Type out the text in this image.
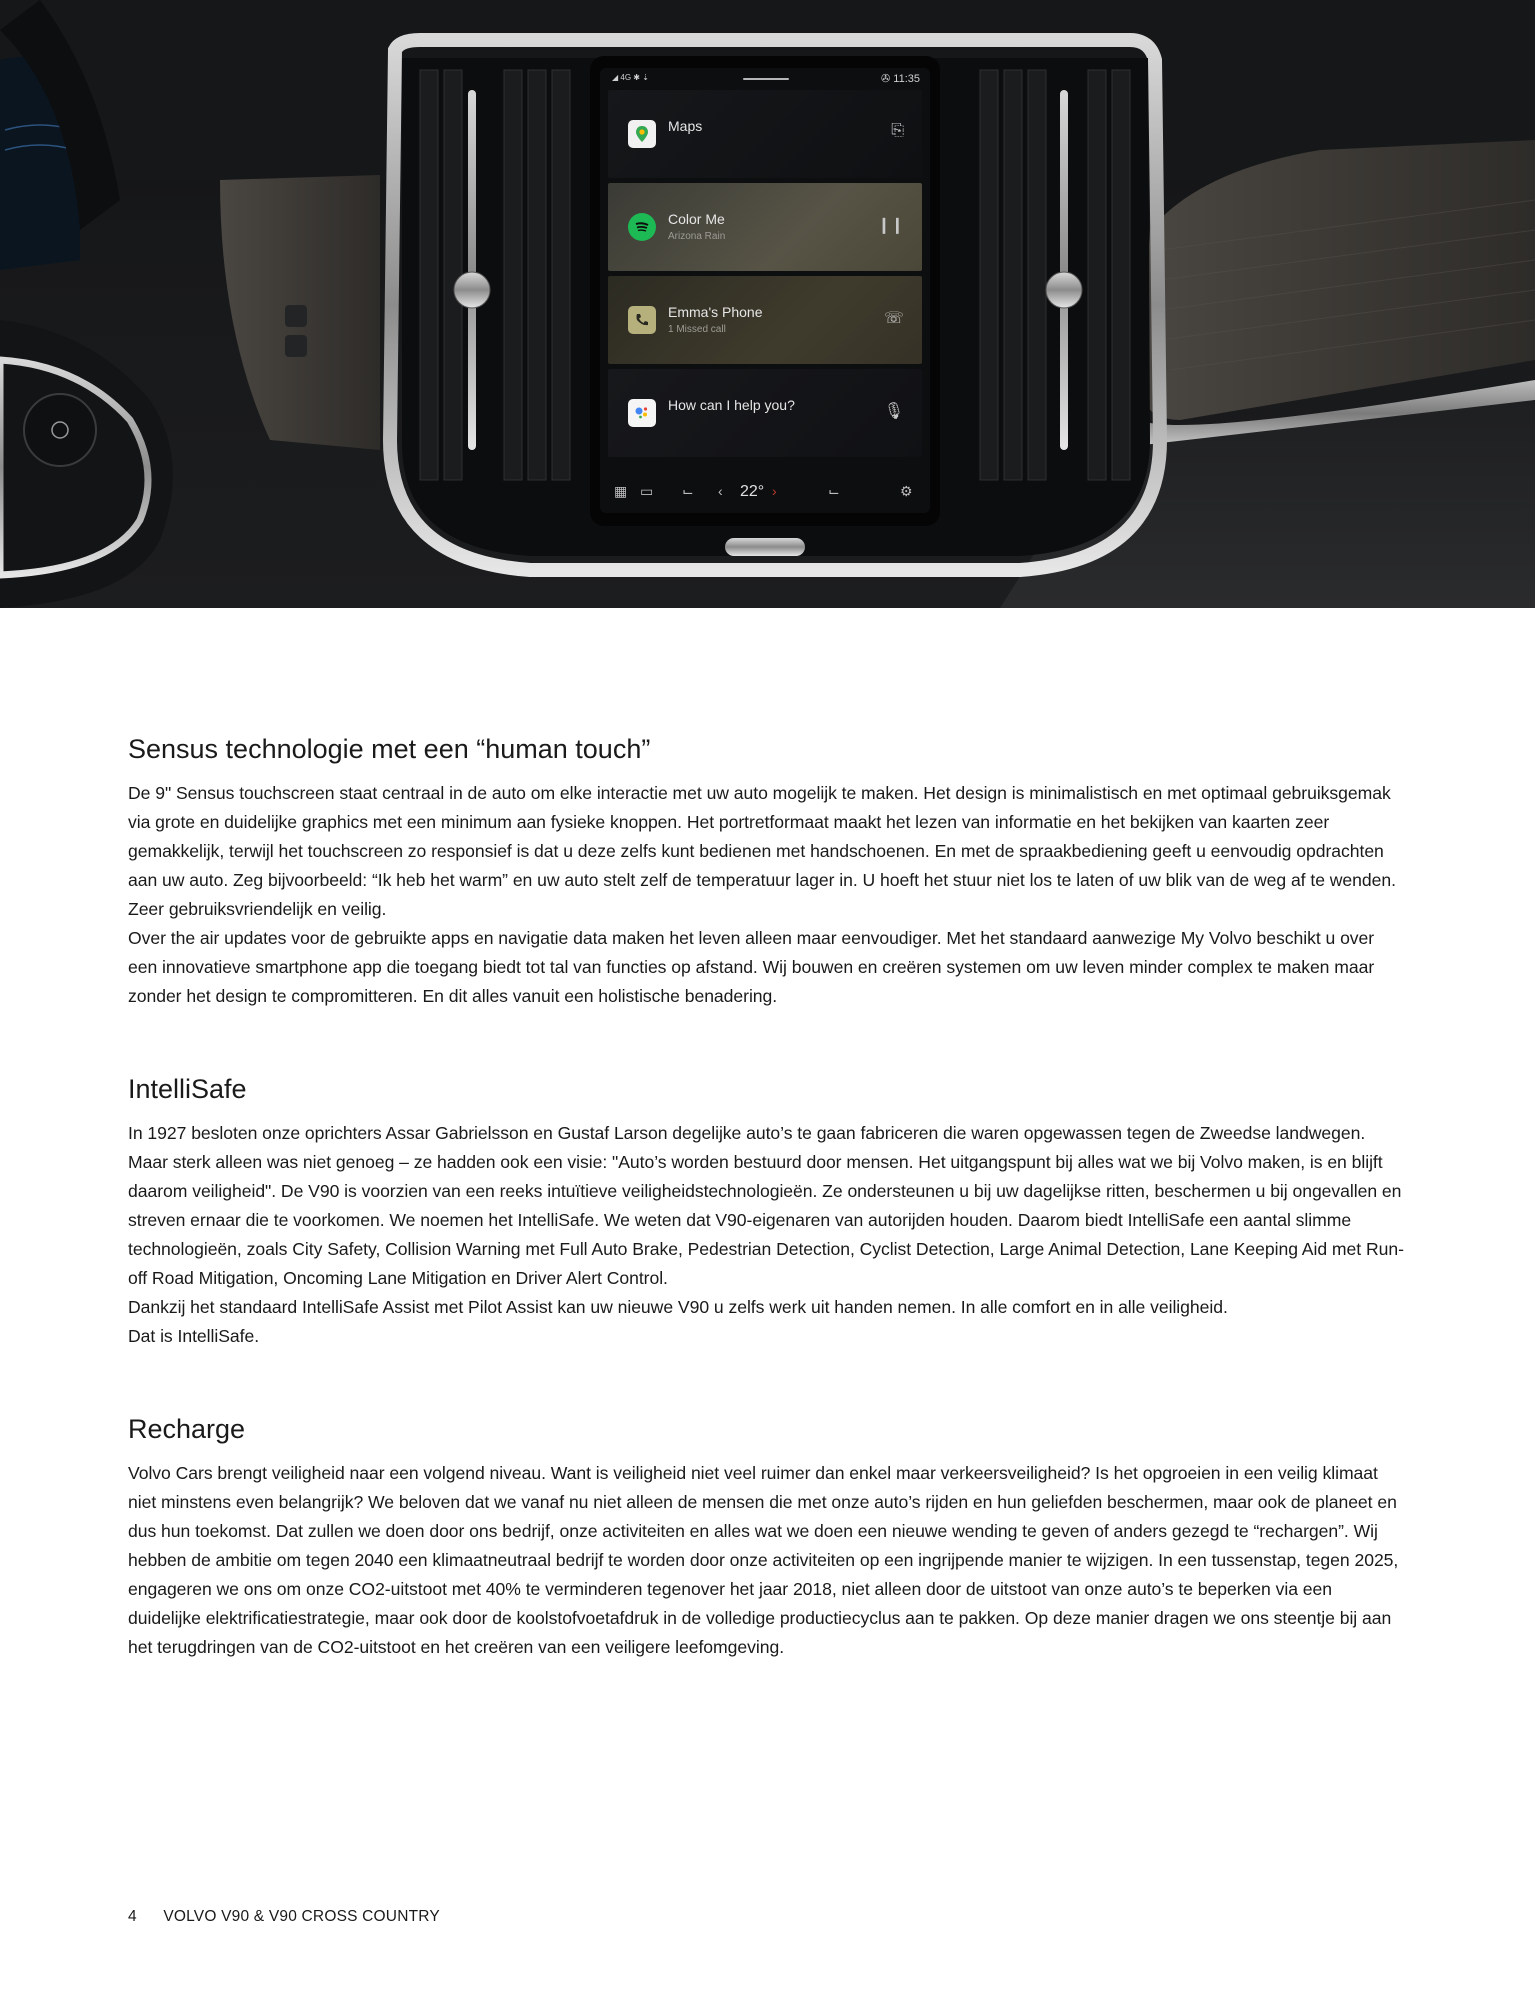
◢ 4G ✱ ⇣	✇ 11:35
Maps	⎘
Color Me
Arizona Rain
❙❙
Emma's Phone
1 Missed call
☏
How can I help you?	🎙︎
▦ ▭ ⌙ ‹ 22° ›	⌙	⚙
Sensus technologie met een “human touch”

De 9" Sensus touchscreen staat centraal in de auto om elke interactie met uw auto mogelijk te maken. Het design is minimalistisch en met optimaal gebruiksgemak via grote en duidelijke graphics met een minimum aan fysieke knoppen. Het portretformaat maakt het lezen van informatie en het bekijken van kaarten zeer gemakkelijk, terwijl het touchscreen zo responsief is dat u deze zelfs kunt bedienen met handschoenen. En met de spraakbediening geeft u eenvoudig opdrachten aan uw auto. Zeg bijvoorbeeld: “Ik heb het warm” en uw auto stelt zelf de temperatuur lager in. U hoeft het stuur niet los te laten of uw blik van de weg af te wenden. Zeer gebruiksvriendelijk en veilig.

Over the air updates voor de gebruikte apps en navigatie data maken het leven alleen maar eenvoudiger. Met het standaard aanwezige My Volvo beschikt u over een innovatieve smartphone app die toegang biedt tot tal van functies op afstand. Wij bouwen en creëren systemen om uw leven minder complex te maken maar zonder het design te compromitteren. En dit alles vanuit een holistische benadering.

IntelliSafe

In 1927 besloten onze oprichters Assar Gabrielsson en Gustaf Larson degelijke auto’s te gaan fabriceren die waren opgewassen tegen de Zweedse landwegen. Maar sterk alleen was niet genoeg – ze hadden ook een visie: "Auto’s worden bestuurd door mensen. Het uitgangspunt bij alles wat we bij Volvo maken, is en blijft daarom veiligheid". De V90 is voorzien van een reeks intuïtieve veiligheidstechnologieën. Ze ondersteunen u bij uw dagelijkse ritten, beschermen u bij ongevallen en streven ernaar die te voorkomen. We noemen het IntelliSafe. We weten dat V90-eigenaren van autorijden houden. Daarom biedt IntelliSafe een aantal slimme technologieën, zoals City Safety, Collision Warning met Full Auto Brake, Pedestrian Detection, Cyclist Detection, Large Animal Detection, Lane Keeping Aid met Run-off Road Mitigation, Oncoming Lane Mitigation en Driver Alert Control.

Dankzij het standaard IntelliSafe Assist met Pilot Assist kan uw nieuwe V90 u zelfs werk uit handen nemen. In alle comfort en in alle veiligheid.

Dat is IntelliSafe.

Recharge

Volvo Cars brengt veiligheid naar een volgend niveau. Want is veiligheid niet veel ruimer dan enkel maar verkeersveiligheid? Is het opgroeien in een veilig klimaat niet minstens even belangrijk? We beloven dat we vanaf nu niet alleen de mensen die met onze auto’s rijden en hun geliefden beschermen, maar ook de planeet en dus hun toekomst. Dat zullen we doen door ons bedrijf, onze activiteiten en alles wat we doen een nieuwe wending te geven of anders gezegd te “rechargen”. Wij hebben de ambitie om tegen 2040 een klimaatneutraal bedrijf te worden door onze activiteiten op een ingrijpende manier te wijzigen. In een tussenstap, tegen 2025, engageren we ons om onze CO2-uitstoot met 40% te verminderen tegenover het jaar 2018, niet alleen door de uitstoot van onze auto’s te beperken via een duidelijke elektrificatiestrategie, maar ook door de koolstofvoetafdruk in de volledige productiecyclus aan te pakken. Op deze manier dragen we ons steentje bij aan het terugdringen van de CO2-uitstoot en het creëren van een veiligere leefomgeving.

4 VOLVO V90 & V90 CROSS COUNTRY
